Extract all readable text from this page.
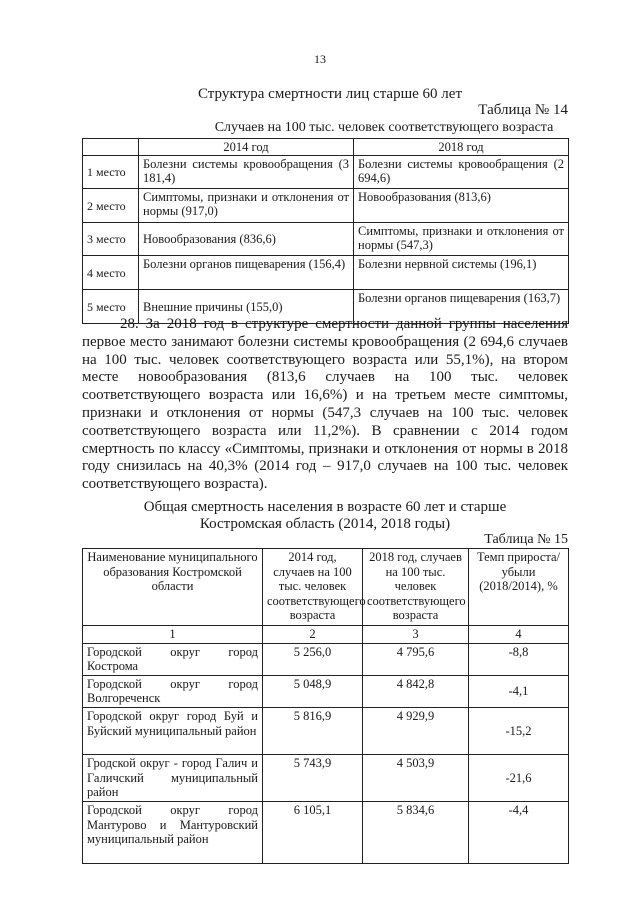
13
Структура смертности лиц старше 60 лет
Таблица № 14
Случаев на 100 тыс. человек соответствующего возраста
	2014 год	2018 год
1 место	Болезни системы кровообращения (3 181,4)	Болезни системы кровообращения (2 694,6)
2 место	Симптомы, признаки и отклонения от нормы (917,0)	Новообразования (813,6)
3 место	Новообразования (836,6)	Симптомы, признаки и отклонения от нормы (547,3)
4 место	Болезни органов пищеварения (156,4)	Болезни нервной системы (196,1)
5 место	Внешние причины (155,0)	Болезни органов пищеварения (163,7)
28. За 2018 год в структуре смертности данной группы населения первое место занимают болезни системы кровообращения (2 694,6 случаев на 100 тыс. человек соответствующего возраста или 55,1%), на втором месте новообразования (813,6 случаев на 100 тыс. человек соответствующего возраста или 16,6%) и на третьем месте симптомы, признаки и отклонения от нормы (547,3 случаев на 100 тыс. человек соответствующего возраста или 11,2%). В сравнении с 2014 годом смертность по классу «Симптомы, признаки и отклонения от нормы в 2018 году снизилась на 40,3% (2014 год – 917,0 случаев на 100 тыс. человек соответствующего возраста).
Общая смертность населения в возрасте 60 лет и старше
Костромская область (2014, 2018 годы)
Таблица № 15
Наименование муниципального образования Костромской области	2014 год, случаев на 100 тыс. человек соответствующего возраста	2018 год, случаев на 100 тыс. человек соответствующего возраста	Темп прироста/убыли (2018/2014), %
1	2	3	4
Городской округ город Кострома	5 256,0	4 795,6	-8,8
Городской округ город Волгореченск	5 048,9	4 842,8	-4,1
Городской округ город Буй и Буйский муниципальный район	5 816,9	4 929,9	-15,2
Гродской округ - город Галич и Галичский муниципальный район	5 743,9	4 503,9	-21,6
Городской округ город Мантурово и Мантуровский муниципальный район	6 105,1	5 834,6	-4,4
